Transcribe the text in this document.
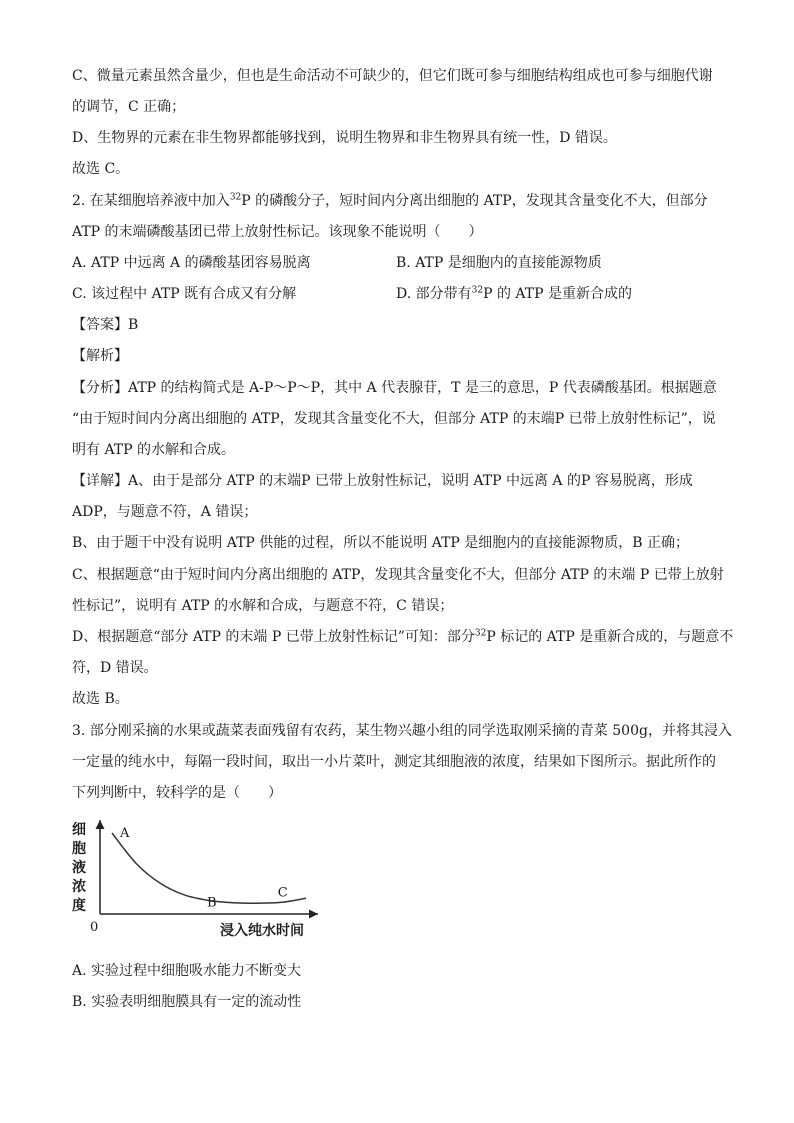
C、微量元素虽然含量少，但也是生命活动不可缺少的，但它们既可参与细胞结构组成也可参与细胞代谢
的调节，C 正确；
D、生物界的元素在非生物界都能够找到，说明生物界和非生物界具有统一性，D 错误。
故选 C。
2. 在某细胞培养液中加入$^{32}$P 的磷酸分子，短时间内分离出细胞的 ATP，发现其含量变化不大，但部分
ATP 的末端磷酸基团已带上放射性标记。该现象不能说明（　　）
A. ATP 中远离 A 的磷酸基团容易脱离	B. ATP 是细胞内的直接能源物质
C. 该过程中 ATP 既有合成又有分解	D. 部分带有$^{32}$P 的 ATP 是重新合成的
【答案】B
【解析】
【分析】ATP 的结构简式是 A-P～P～P，其中 A 代表腺苷，T 是三的意思，P 代表磷酸基团。根据题意
“由于短时间内分离出细胞的 ATP，发现其含量变化不大，但部分 ATP 的末端P 已带上放射性标记”，说
明有 ATP 的水解和合成。
【详解】A、由于是部分 ATP 的末端P 已带上放射性标记，说明 ATP 中远离 A 的P 容易脱离，形成
ADP，与题意不符，A 错误；
B、由于题干中没有说明 ATP 供能的过程，所以不能说明 ATP 是细胞内的直接能源物质，B 正确；
C、根据题意“由于短时间内分离出细胞的 ATP，发现其含量变化不大，但部分 ATP 的末端 P 已带上放射
性标记”，说明有 ATP 的水解和合成，与题意不符，C 错误；
D、根据题意“部分 ATP 的末端 P 已带上放射性标记”可知：部分$^{32}$P 标记的 ATP 是重新合成的，与题意不
符，D 错误。
故选 B。
3. 部分刚采摘的水果或蔬菜表面残留有农药，某生物兴趣小组的同学选取刚采摘的青菜 500g，并将其浸入
一定量的纯水中，每隔一段时间，取出一小片菜叶，测定其细胞液的浓度，结果如下图所示。据此所作的
下列判断中，较科学的是（　　）
细
胞
液
浓
度
浸入纯水时间
0
A
B
C
A. 实验过程中细胞吸水能力不断变大
B. 实验表明细胞膜具有一定的流动性
